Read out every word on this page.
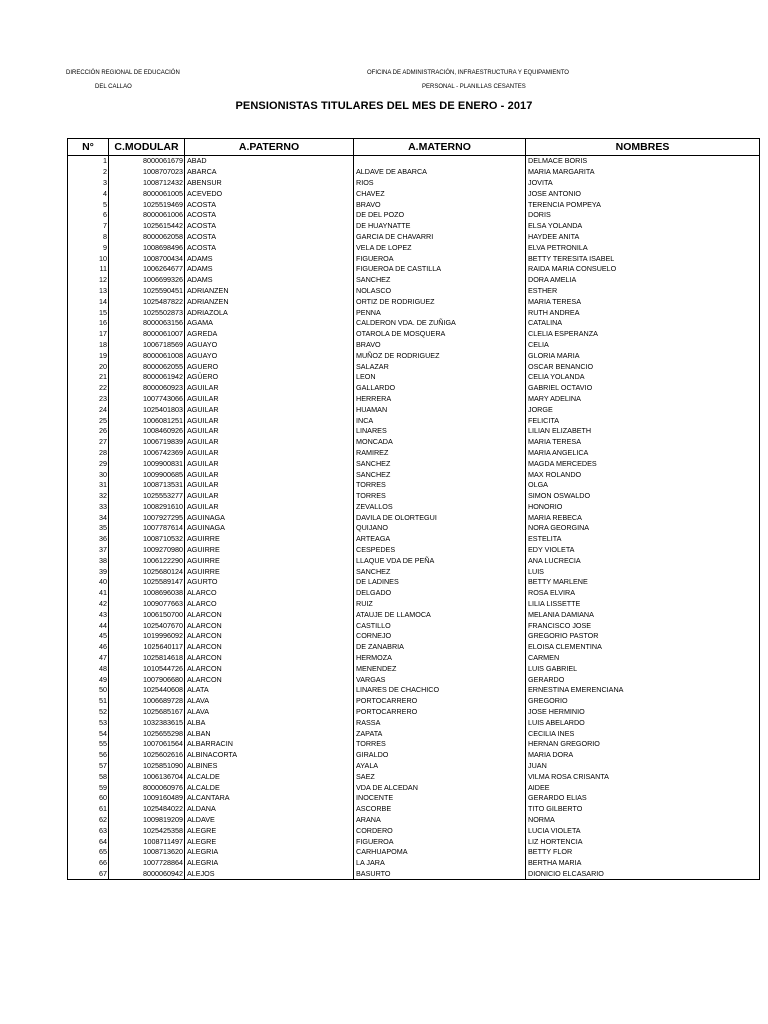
DIRECCIÓN REGIONAL DE EDUCACIÓN
DEL CALLAO
OFICINA DE ADMINISTRACIÓN, INFRAESTRUCTURA Y EQUIPAMIENTO
PERSONAL - PLANILLAS CESANTES
PENSIONISTAS TITULARES DEL MES DE ENERO - 2017
N°	C.MODULAR	A.PATERNO	A.MATERNO	NOMBRES
1	8000061679	ABAD		DELMACE BORIS
2	1008707023	ABARCA	ALDAVE DE ABARCA	MARIA MARGARITA
3	1008712432	ABENSUR	RIOS	JOVITA
4	8000061005	ACEVEDO	CHAVEZ	JOSE ANTONIO
5	1025519469	ACOSTA	BRAVO	TERENCIA POMPEYA
6	8000061006	ACOSTA	DE DEL POZO	DORIS
7	1025615442	ACOSTA	DE HUAYNATTE	ELSA YOLANDA
8	8000062058	ACOSTA	GARCIA DE CHAVARRI	HAYDEE ANITA
9	1008698496	ACOSTA	VELA DE LOPEZ	ELVA PETRONILA
10	1008700434	ADAMS	FIGUEROA	BETTY TERESITA ISABEL
11	1006264677	ADAMS	FIGUEROA DE CASTILLA	RAIDA MARIA CONSUELO
12	1006699326	ADAMS	SANCHEZ	DORA AMELIA
13	1025590451	ADRIANZEN	NOLASCO	ESTHER
14	1025487822	ADRIANZEN	ORTIZ DE RODRIGUEZ	MARIA TERESA
15	1025502873	ADRIAZOLA	PENNA	RUTH ANDREA
16	8000063156	AGAMA	CALDERON VDA. DE ZUÑIGA	CATALINA
17	8000061007	AGREDA	OTAROLA DE MOSQUERA	CLELIA ESPERANZA
18	1006718569	AGUAYO	BRAVO	CELIA
19	8000061008	AGUAYO	MUÑOZ DE RODRIGUEZ	GLORIA MARIA
20	8000062055	AGUERO	SALAZAR	OSCAR BENANCIO
21	8000061942	AGÜERO	LEON	CELIA YOLANDA
22	8000060923	AGUILAR	GALLARDO	GABRIEL OCTAVIO
23	1007743066	AGUILAR	HERRERA	MARY ADELINA
24	1025401803	AGUILAR	HUAMAN	JORGE
25	1006081251	AGUILAR	INCA	FELICITA
26	1008460926	AGUILAR	LINARES	LILIAN ELIZABETH
27	1006719839	AGUILAR	MONCADA	MARIA TERESA
28	1006742369	AGUILAR	RAMIREZ	MARIA ANGELICA
29	1009900831	AGUILAR	SANCHEZ	MAGDA MERCEDES
30	1009900685	AGUILAR	SANCHEZ	MAX ROLANDO
31	1008713531	AGUILAR	TORRES	OLGA
32	1025553277	AGUILAR	TORRES	SIMON OSWALDO
33	1008291610	AGUILAR	ZEVALLOS	HONORIO
34	1007927295	AGUINAGA	DAVILA DE OLORTEGUI	MARIA REBECA
35	1007787614	AGUINAGA	QUIJANO	NORA GEORGINA
36	1008710532	AGUIRRE	ARTEAGA	ESTELITA
37	1009270980	AGUIRRE	CESPEDES	EDY VIOLETA
38	1006122290	AGUIRRE	LLAQUE VDA DE PEÑA	ANA LUCRECIA
39	1025680124	AGUIRRE	SANCHEZ	LUIS
40	1025589147	AGURTO	DE LADINES	BETTY MARLENE
41	1008696038	ALARCO	DELGADO	ROSA ELVIRA
42	1009077663	ALARCO	RUIZ	LILIA LISSETTE
43	1006150700	ALARCON	ATAUJE DE LLAMOCA	MELANIA DAMIANA
44	1025407670	ALARCON	CASTILLO	FRANCISCO JOSE
45	1019996092	ALARCON	CORNEJO	GREGORIO PASTOR
46	1025640117	ALARCON	DE ZANABRIA	ELOISA CLEMENTINA
47	1025814618	ALARCON	HERMOZA	CARMEN
48	1010544726	ALARCON	MENENDEZ	LUIS GABRIEL
49	1007906680	ALARCON	VARGAS	GERARDO
50	1025440608	ALATA	LINARES DE CHACHICO	ERNESTINA EMERENCIANA
51	1006689728	ALAVA	PORTOCARRERO	GREGORIO
52	1025685167	ALAVA	PORTOCARRERO	JOSE HERMINIO
53	1032383615	ALBA	RASSA	LUIS ABELARDO
54	1025655298	ALBAN	ZAPATA	CECILIA INES
55	1007061564	ALBARRACIN	TORRES	HERNAN GREGORIO
56	1025602616	ALBINACORTA	GIRALDO	MARIA DORA
57	1025851090	ALBINES	AYALA	JUAN
58	1006136704	ALCALDE	SAEZ	VILMA ROSA CRISANTA
59	8000060976	ALCALDE	VDA DE ALCEDAN	AIDEE
60	1009160489	ALCANTARA	INOCENTE	GERARDO ELIAS
61	1025484022	ALDANA	ASCORBE	TITO GILBERTO
62	1009819209	ALDAVE	ARANA	NORMA
63	1025425358	ALEGRE	CORDERO	LUCIA VIOLETA
64	1008711497	ALEGRE	FIGUEROA	LIZ HORTENCIA
65	1008713620	ALEGRIA	CARHUAPOMA	BETTY FLOR
66	1007728864	ALEGRIA	LA JARA	BERTHA MARIA
67	8000060942	ALEJOS	BASURTO	DIONICIO ELCASARIO
